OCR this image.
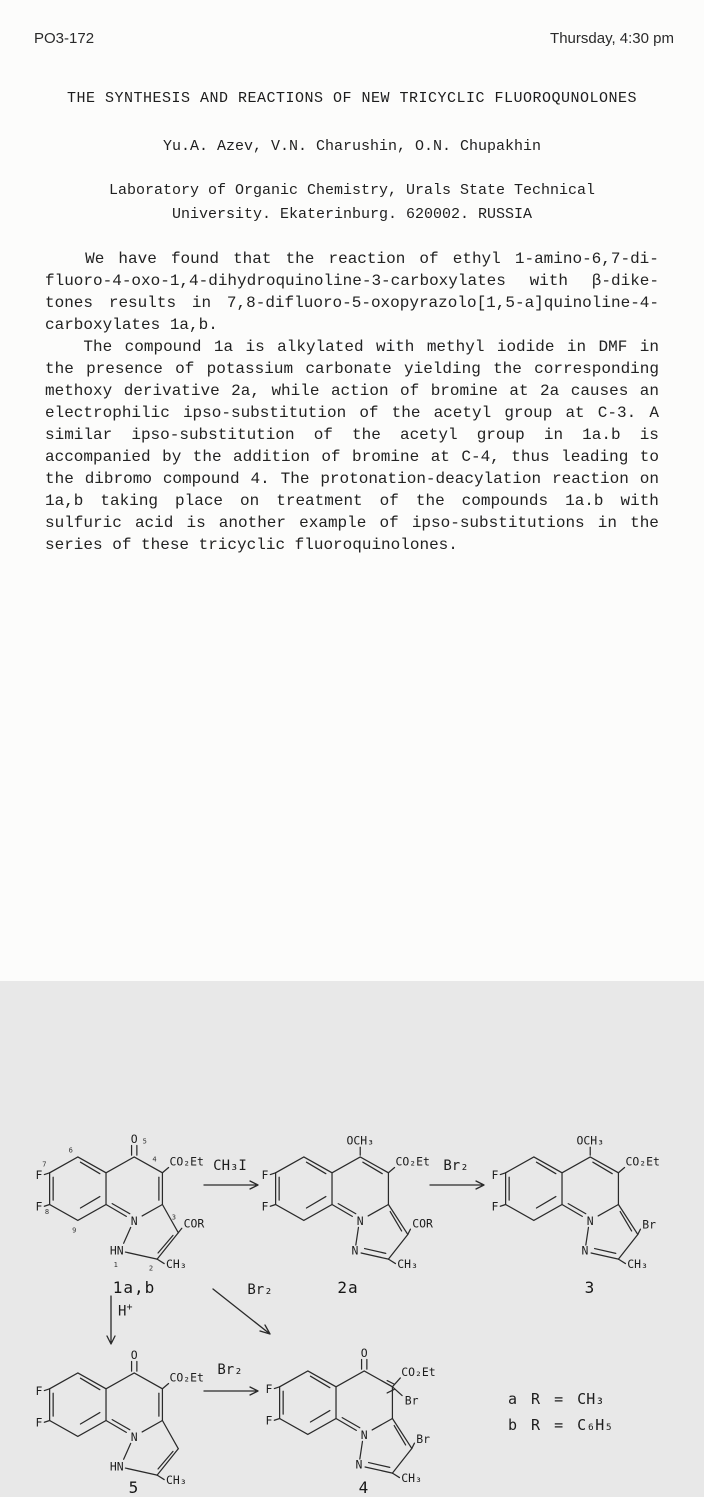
PO3-172	Thursday, 4:30 pm
THE SYNTHESIS AND REACTIONS OF NEW TRICYCLIC FLUOROQUNOLONES
Yu.A. Azev, V.N. Charushin, O.N. Chupakhin
Laboratory of Organic Chemistry, Urals State Technical
University. Ekaterinburg. 620002. RUSSIA
We have found that the reaction of ethyl 1-amino-6,7-di-
fluoro-4-oxo-1,4-dihydroquinoline-3-carboxylates with β-dike-
tones results in 7,8-difluoro-5-oxopyrazolo[1,5-a]quinoline-4-
carboxylates 1a,b.
The compound 1a is alkylated with methyl iodide in DMF in
the presence of potassium carbonate yielding the corresponding
methoxy derivative 2a, while action of bromine at 2a causes an
electrophilic ipso-substitution of the acetyl group at C-3. A
similar ipso-substitution of the acetyl group in 1a.b is
accompanied by the addition of bromine at C-4, thus leading to
the dibromo compound 4. The protonation-deacylation reaction on
1a,b taking place on treatment of the compounds 1a.b with
sulfuric acid is another example of ipso-substitutions in the
series of these tricyclic fluoroquinolones.
O
F
F
CO₂Et
COR
CH₃
N
HN
6
7
8
9
5
4
3
2
1
1a,b
CH₃I
OCH₃
F
F
CO₂Et
COR
CH₃
N
N
2a
Br₂
OCH₃
F
F
CO₂Et
Br
CH₃
N
N
3
H+
Br₂
O
F
F
CO₂Et
CH₃
N
HN
5
Br₂
O
F
F
CO₂Et
Br
Br
CH₃
N
N
4
a R = CH₃
b R = C₆H₅
